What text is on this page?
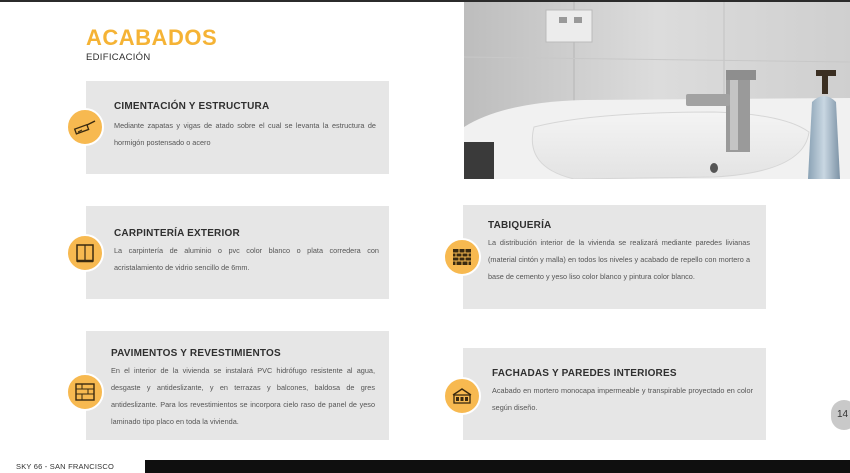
ACABADOS
EDIFICACIÓN
CIMENTACIÓN Y ESTRUCTURA
Mediante zapatas y vigas de atado sobre el cual se levanta la estructura de hormigón postensado o acero
CARPINTERÍA EXTERIOR
La carpintería de aluminio o pvc color blanco o plata corredera con acristalamiento de vidrio sencillo de 6mm.
PAVIMENTOS Y REVESTIMIENTOS
En el interior de la vivienda se instalará PVC hidrófugo resistente al agua, desgaste y antideslizante, y en terrazas y balcones, baldosa de gres antideslizante. Para los revestimientos se incorpora cielo raso de panel de yeso laminado tipo placo en toda la vivienda.
TABIQUERÍA
La distribución interior de la vivienda se realizará mediante paredes livianas (material cintón y malla) en todos los niveles y acabado de repello con mortero a base de cemento y yeso liso color blanco y pintura color blanco.
FACHADAS Y PAREDES INTERIORES
Acabado en mortero monocapa impermeable y transpirable proyectado en color según diseño.
14
SKY 66 - SAN FRANCISCO
